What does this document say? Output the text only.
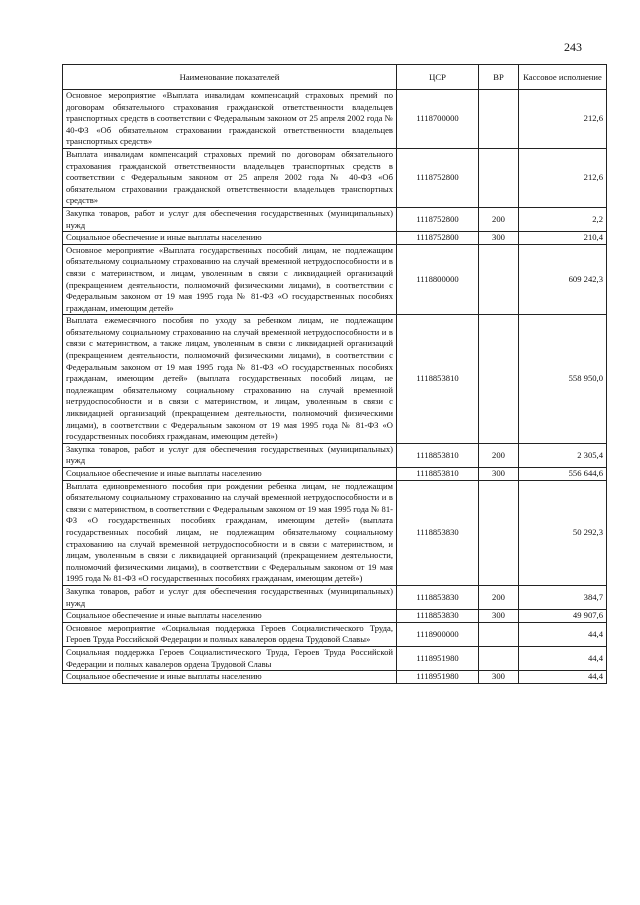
243
Наименование показателей	ЦСР	ВР	Кассовое исполнение
Основное мероприятие «Выплата инвалидам компенсаций страховых премий по договорам обязательного страхования гражданской ответственности владельцев транспортных средств в соответствии с Федеральным законом от 25 апреля 2002 года № 40-ФЗ «Об обязательном страховании гражданской ответственности владельцев транспортных средств»	1118700000		212,6
Выплата инвалидам компенсаций страховых премий по договорам обязательного страхования гражданской ответственности владельцев транспортных средств в соответствии с Федеральным законом от 25 апреля 2002 года № 40-ФЗ «Об обязательном страховании гражданской ответственности владельцев транспортных средств»	1118752800		212,6
Закупка товаров, работ и услуг для обеспечения государственных (муниципальных) нужд	1118752800	200	2,2
Социальное обеспечение и иные выплаты населению	1118752800	300	210,4
Основное мероприятие «Выплата государственных пособий лицам, не подлежащим обязательному социальному страхованию на случай временной нетрудоспособности и в связи с материнством, и лицам, уволенным в связи с ликвидацией организаций (прекращением деятельности, полномочий физическими лицами), в соответствии с Федеральным законом от 19 мая 1995 года № 81-ФЗ «О государственных пособиях гражданам, имеющим детей»	1118800000		609 242,3
Выплата ежемесячного пособия по уходу за ребенком лицам, не подлежащим обязательному социальному страхованию на случай временной нетрудоспособности и в связи с материнством, а также лицам, уволенным в связи с ликвидацией организаций (прекращением деятельности, полномочий физическими лицами), в соответствии с Федеральным законом от 19 мая 1995 года № 81-ФЗ «О государственных пособиях гражданам, имеющим детей» (выплата государственных пособий лицам, не подлежащим обязательному социальному страхованию на случай временной нетрудоспособности и в связи с материнством, и лицам, уволенным в связи с ликвидацией организаций (прекращением деятельности, полномочий физическими лицами), в соответствии с Федеральным законом от 19 мая 1995 года № 81-ФЗ «О государственных пособиях гражданам, имеющим детей»)	1118853810		558 950,0
Закупка товаров, работ и услуг для обеспечения государственных (муниципальных) нужд	1118853810	200	2 305,4
Социальное обеспечение и иные выплаты населению	1118853810	300	556 644,6
Выплата единовременного пособия при рождении ребенка лицам, не подлежащим обязательному социальному страхованию на случай временной нетрудоспособности и в связи с материнством, в соответствии с Федеральным законом от 19 мая 1995 года № 81-ФЗ «О государственных пособиях гражданам, имеющим детей» (выплата государственных пособий лицам, не подлежащим обязательному социальному страхованию на случай временной нетрудоспособности и в связи с материнством, и лицам, уволенным в связи с ликвидацией организаций (прекращением деятельности, полномочий физическими лицами), в соответствии с Федеральным законом от 19 мая 1995 года № 81-ФЗ «О государственных пособиях гражданам, имеющим детей»)	1118853830		50 292,3
Закупка товаров, работ и услуг для обеспечения государственных (муниципальных) нужд	1118853830	200	384,7
Социальное обеспечение и иные выплаты населению	1118853830	300	49 907,6
Основное мероприятие «Социальная поддержка Героев Социалистического Труда, Героев Труда Российской Федерации и полных кавалеров ордена Трудовой Славы»	1118900000		44,4
Социальная поддержка Героев Социалистического Труда, Героев Труда Российской Федерации и полных кавалеров ордена Трудовой Славы	1118951980		44,4
Социальное обеспечение и иные выплаты населению	1118951980	300	44,4
